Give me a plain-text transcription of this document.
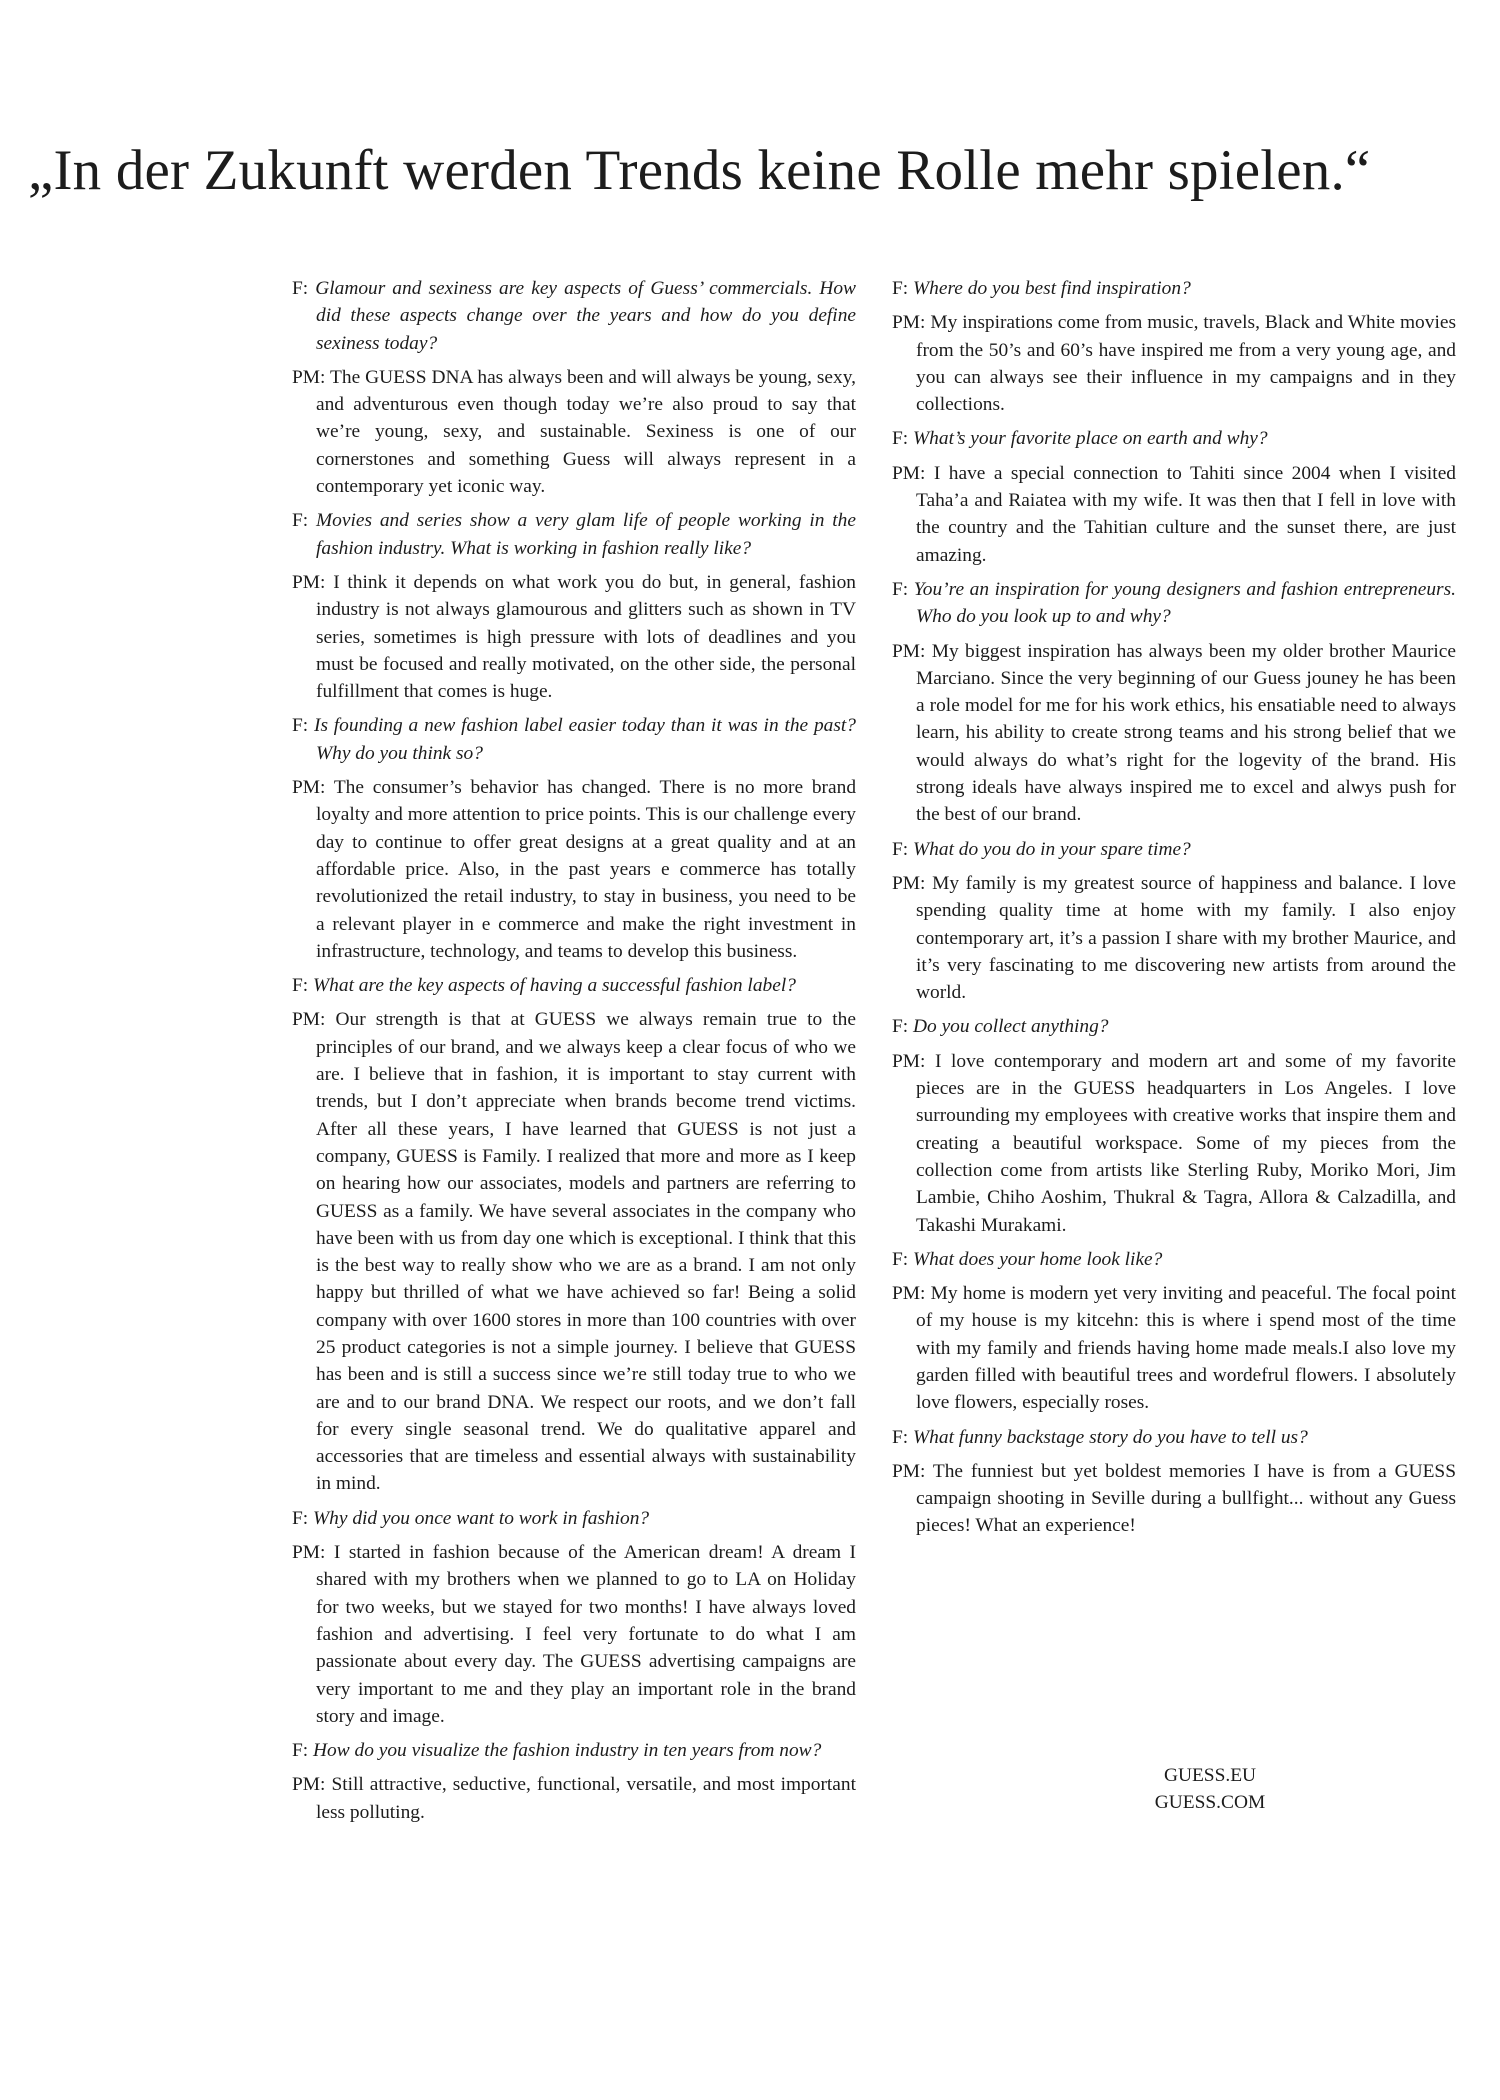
„In der Zukunft werden Trends keine Rolle mehr spielen.“

F: Glamour and sexiness are key aspects of Guess’ commercials. How did these aspects change over the years and how do you define sexiness today?

PM: The GUESS DNA has always been and will always be young, sexy, and adventurous even though today we’re also proud to say that we’re young, sexy, and sustainable. Sexiness is one of our cornerstones and something Guess will always represent in a contemporary yet iconic way.

F: Movies and series show a very glam life of people working in the fashion industry. What is working in fashion really like?

PM: I think it depends on what work you do but, in general, fashion industry is not always glamourous and glitters such as shown in TV series, sometimes is high pressure with lots of deadlines and you must be focused and really motivated, on the other side, the personal fulfillment that comes is huge.

F: Is founding a new fashion label easier today than it was in the past? Why do you think so?

PM: The consumer’s behavior has changed. There is no more brand loyalty and more attention to price points. This is our challenge every day to continue to offer great designs at a great quality and at an affordable price. Also, in the past years e commerce has totally revolutionized the retail industry, to stay in business, you need to be a relevant player in e commerce and make the right investment in infrastructure, technology, and teams to develop this business.

F: What are the key aspects of having a successful fashion label?

PM: Our strength is that at GUESS we always remain true to the principles of our brand, and we always keep a clear focus of who we are. I believe that in fashion, it is important to stay current with trends, but I don’t appreciate when brands become trend victims. After all these years, I have learned that GUESS is not just a company, GUESS is Family. I realized that more and more as I keep on hearing how our associates, models and partners are referring to GUESS as a family. We have several associates in the company who have been with us from day one which is exceptional. I think that this is the best way to really show who we are as a brand. I am not only happy but thrilled of what we have achieved so far! Being a solid company with over 1600 stores in more than 100 countries with over 25 product categories is not a simple journey. I believe that GUESS has been and is still a success since we’re still today true to who we are and to our brand DNA. We respect our roots, and we don’t fall for every single seasonal trend. We do qualitative apparel and accessories that are timeless and essential always with sustainability in mind.

F: Why did you once want to work in fashion?

PM: I started in fashion because of the American dream! A dream I shared with my brothers when we planned to go to LA on Holiday for two weeks, but we stayed for two months! I have always loved fashion and advertising. I feel very fortunate to do what I am passionate about every day. The GUESS advertising campaigns are very important to me and they play an important role in the brand story and image.

F: How do you visualize the fashion industry in ten years from now?

PM: Still attractive, seductive, functional, versatile, and most important less polluting.

F: Where do you best find inspiration?

PM: My inspirations come from music, travels, Black and White movies from the 50’s and 60’s have inspired me from a very young age, and you can always see their influence in my campaigns and in they collections.

F: What’s your favorite place on earth and why?

PM: I have a special connection to Tahiti since 2004 when I visited Taha’a and Raiatea with my wife. It was then that I fell in love with the country and the Tahitian culture and the sunset there, are just amazing.

F: You’re an inspiration for young designers and fashion entrepreneurs. Who do you look up to and why?

PM: My biggest inspiration has always been my older brother Maurice Marciano. Since the very beginning of our Guess jouney he has been a role model for me for his work ethics, his ensatiable need to always learn, his ability to create strong teams and his strong belief that we would always do what’s right for the logevity of the brand. His strong ideals have always inspired me to excel and alwys push for the best of our brand.

F: What do you do in your spare time?

PM: My family is my greatest source of happiness and balance. I love spending quality time at home with my family. I also enjoy contemporary art, it’s a passion I share with my brother Maurice, and it’s very fascinating to me discovering new artists from around the world.

F: Do you collect anything?

PM: I love contemporary and modern art and some of my favorite pieces are in the GUESS headquarters in Los Angeles. I love surrounding my employees with creative works that inspire them and creating a beautiful workspace. Some of my pieces from the collection come from artists like Sterling Ruby, Moriko Mori, Jim Lambie, Chiho Aoshim, Thukral & Tagra, Allora & Calzadilla, and Takashi Murakami.

F: What does your home look like?

PM: My home is modern yet very inviting and peaceful. The focal point of my house is my kitcehn: this is where i spend most of the time with my family and friends having home made meals.I also love my garden filled with beautiful trees and wordefrul flowers. I absolutely love flowers, especially roses.

F: What funny backstage story do you have to tell us?

PM: The funniest but yet boldest memories I have is from a GUESS campaign shooting in Seville during a bullfight... without any Guess pieces! What an experience!

GUESS.EU
GUESS.COM
